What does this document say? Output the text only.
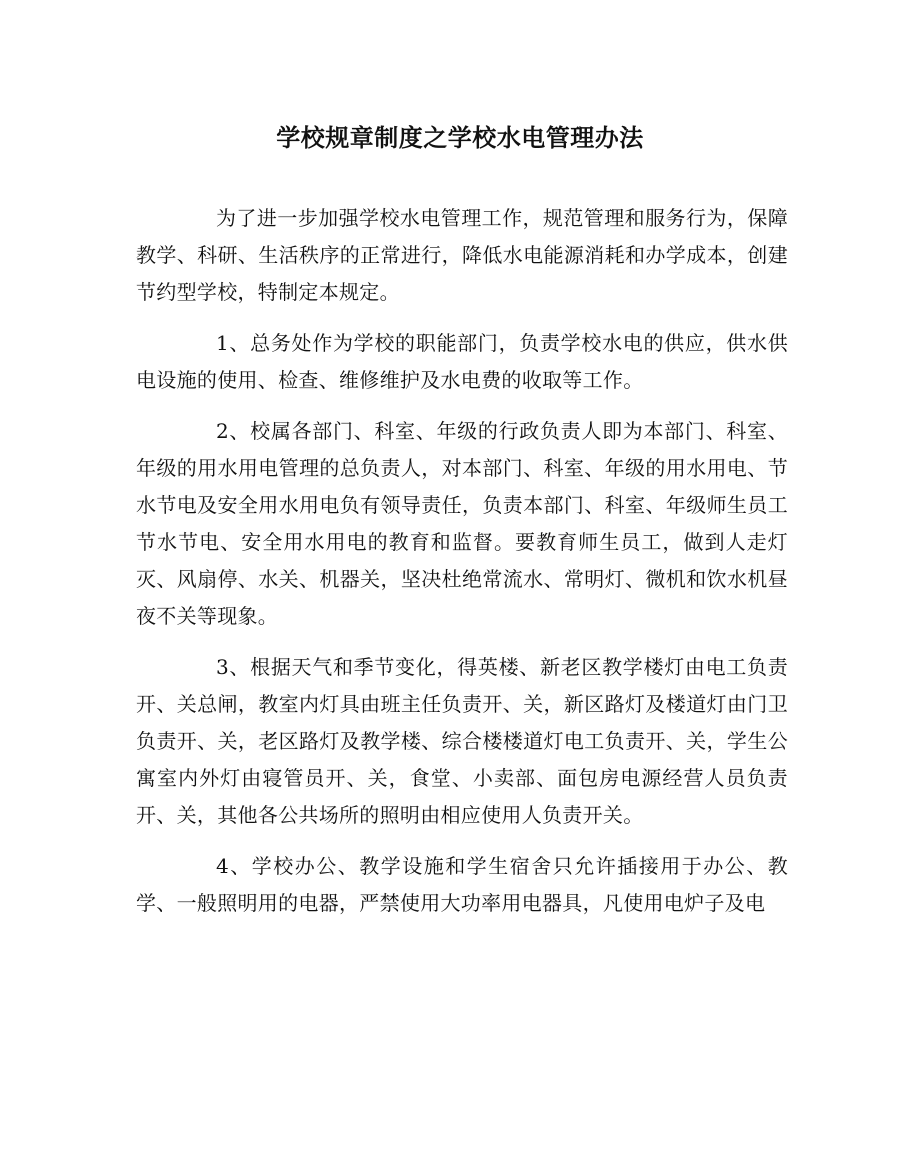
学校规章制度之学校水电管理办法

为了进一步加强学校水电管理工作，规范管理和服务行为，保障教学、科研、生活秩序的正常进行，降低水电能源消耗和办学成本，创建节约型学校，特制定本规定。

1、总务处作为学校的职能部门，负责学校水电的供应，供水供电设施的使用、检查、维修维护及水电费的收取等工作。

2、校属各部门、科室、年级的行政负责人即为本部门、科室、年级的用水用电管理的总负责人，对本部门、科室、年级的用水用电、节水节电及安全用水用电负有领导责任，负责本部门、科室、年级师生员工节水节电、安全用水用电的教育和监督。要教育师生员工，做到人走灯灭、风扇停、水关、机器关，坚决杜绝常流水、常明灯、微机和饮水机昼夜不关等现象。

3、根据天气和季节变化，得英楼、新老区教学楼灯由电工负责开、关总闸，教室内灯具由班主任负责开、关，新区路灯及楼道灯由门卫负责开、关，老区路灯及教学楼、综合楼楼道灯电工负责开、关，学生公寓室内外灯由寝管员开、关，食堂、小卖部、面包房电源经营人员负责开、关，其他各公共场所的照明由相应使用人负责开关。

4、学校办公、教学设施和学生宿舍只允许插接用于办公、教学、一般照明用的电器，严禁使用大功率用电器具，凡使用电炉子及电
